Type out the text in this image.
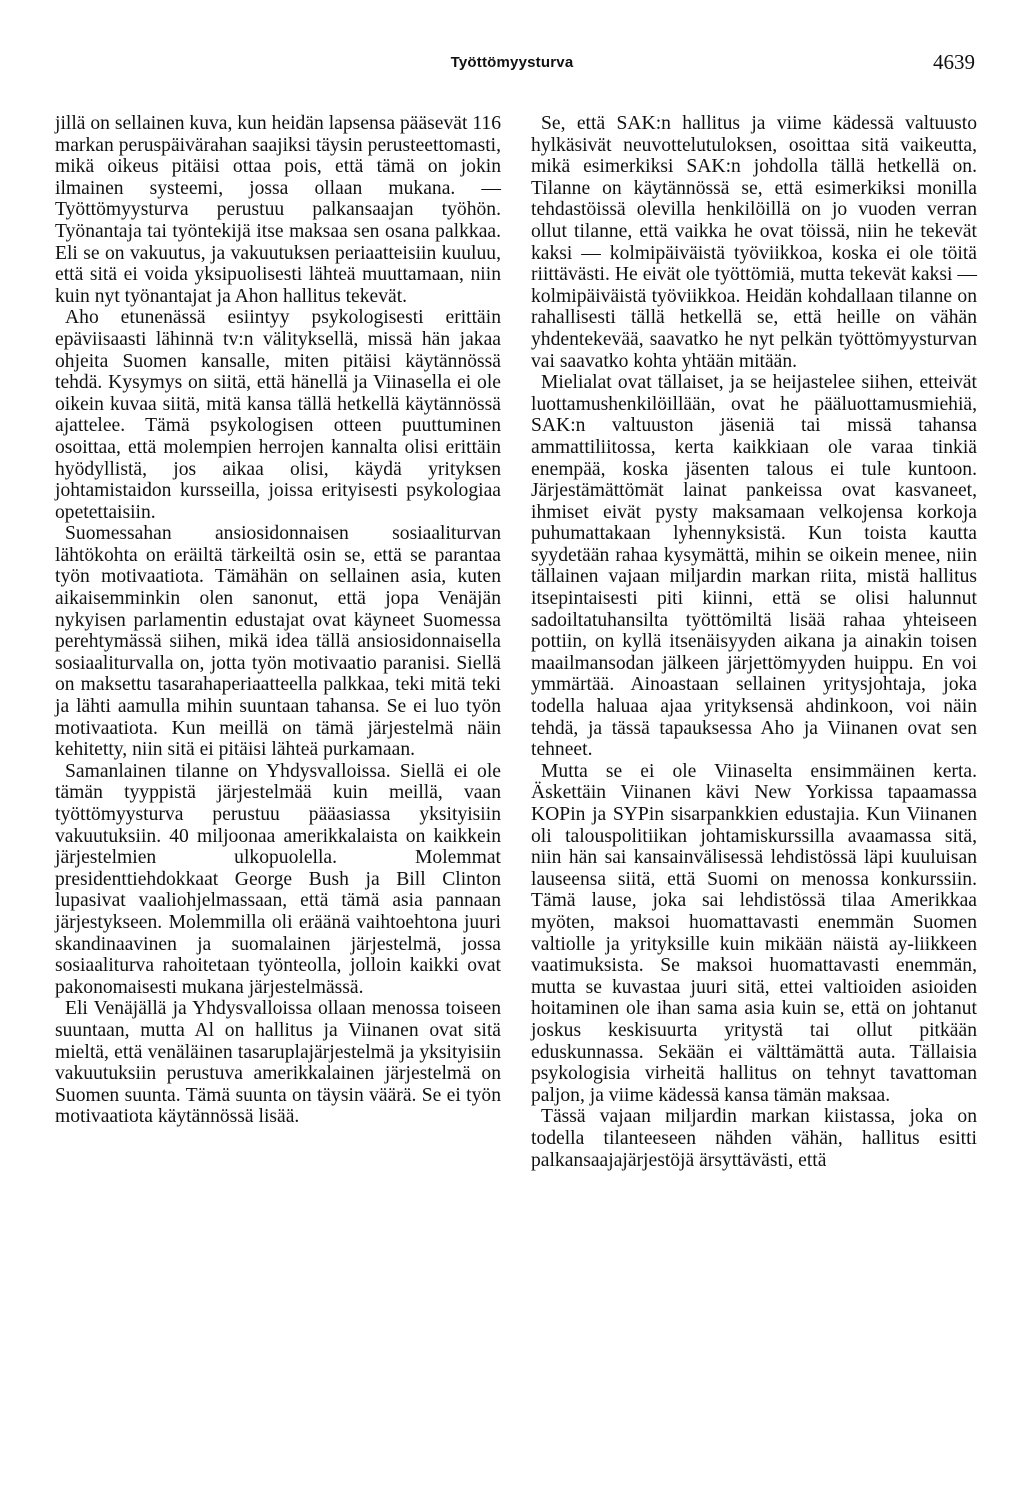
Työttömyysturva	4639

jillä on sellainen kuva, kun heidän lapsensa pääsevät 116 markan peruspäivärahan saajiksi täysin perusteettomasti, mikä oikeus pitäisi ottaa pois, että tämä on jokin ilmainen systeemi, jossa ollaan mukana. — Työttömyysturva perustuu palkansaajan työhön. Työnantaja tai työntekijä itse maksaa sen osana palkkaa. Eli se on vakuutus, ja vakuutuksen periaatteisiin kuuluu, että sitä ei voida yksipuolisesti lähteä muuttamaan, niin kuin nyt työnantajat ja Ahon hallitus tekevät.

Aho etunenässä esiintyy psykologisesti erittäin epäviisaasti lähinnä tv:n välityksellä, missä hän jakaa ohjeita Suomen kansalle, miten pitäisi käytännössä tehdä. Kysymys on siitä, että hänellä ja Viinasella ei ole oikein kuvaa siitä, mitä kansa tällä hetkellä käytännössä ajattelee. Tämä psykologisen otteen puuttuminen osoittaa, että molempien herrojen kannalta olisi erittäin hyödyllistä, jos aikaa olisi, käydä yrityksen johtamistaidon kursseilla, joissa erityisesti psykologiaa opetettaisiin.

Suomessahan ansiosidonnaisen sosiaaliturvan lähtökohta on eräiltä tärkeiltä osin se, että se parantaa työn motivaatiota. Tämähän on sellainen asia, kuten aikaisemminkin olen sanonut, että jopa Venäjän nykyisen parlamentin edustajat ovat käyneet Suomessa perehtymässä siihen, mikä idea tällä ansiosidonnaisella sosiaaliturvalla on, jotta työn motivaatio paranisi. Siellä on maksettu tasarahaperiaatteella palkkaa, teki mitä teki ja lähti aamulla mihin suuntaan tahansa. Se ei luo työn motivaatiota. Kun meillä on tämä järjestelmä näin kehitetty, niin sitä ei pitäisi lähteä purkamaan.

Samanlainen tilanne on Yhdysvalloissa. Siellä ei ole tämän tyyppistä järjestelmää kuin meillä, vaan työttömyysturva perustuu pääasiassa yksityisiin vakuutuksiin. 40 miljoonaa amerikkalaista on kaikkein järjestelmien ulkopuolella. Molemmat presidenttiehdokkaat George Bush ja Bill Clinton lupasivat vaaliohjelmassaan, että tämä asia pannaan järjestykseen. Molemmilla oli eräänä vaihtoehtona juuri skandinaavinen ja suomalainen järjestelmä, jossa sosiaaliturva rahoitetaan työnteolla, jolloin kaikki ovat pakonomaisesti mukana järjestelmässä.

Eli Venäjällä ja Yhdysvalloissa ollaan menossa toiseen suuntaan, mutta Al on hallitus ja Viinanen ovat sitä mieltä, että venäläinen tasaruplajärjestelmä ja yksityisiin vakuutuksiin perustuva amerikkalainen järjestelmä on Suomen suunta. Tämä suunta on täysin väärä. Se ei työn motivaatiota käytännössä lisää.

Se, että SAK:n hallitus ja viime kädessä valtuusto hylkäsivät neuvottelutuloksen, osoittaa sitä vaikeutta, mikä esimerkiksi SAK:n johdolla tällä hetkellä on. Tilanne on käytännössä se, että esimerkiksi monilla tehdastöissä olevilla henkilöillä on jo vuoden verran ollut tilanne, että vaikka he ovat töissä, niin he tekevät kaksi — kolmipäiväistä työviikkoa, koska ei ole töitä riittävästi. He eivät ole työttömiä, mutta tekevät kaksi — kolmipäiväistä työviikkoa. Heidän kohdallaan tilanne on rahallisesti tällä hetkellä se, että heille on vähän yhdentekevää, saavatko he nyt pelkän työttömyysturvan vai saavatko kohta yhtään mitään.

Mielialat ovat tällaiset, ja se heijastelee siihen, etteivät luottamushenkilöillään, ovat he pääluottamusmiehiä, SAK:n valtuuston jäseniä tai missä tahansa ammattiliitossa, kerta kaikkiaan ole varaa tinkiä enempää, koska jäsenten talous ei tule kuntoon. Järjestämättömät lainat pankeissa ovat kasvaneet, ihmiset eivät pysty maksamaan velkojensa korkoja puhumattakaan lyhennyksistä. Kun toista kautta syydetään rahaa kysymättä, mihin se oikein menee, niin tällainen vajaan miljardin markan riita, mistä hallitus itsepintaisesti piti kiinni, että se olisi halunnut sadoiltatuhansilta työttömiltä lisää rahaa yhteiseen pottiin, on kyllä itsenäisyyden aikana ja ainakin toisen maailmansodan jälkeen järjettömyyden huippu. En voi ymmärtää. Ainoastaan sellainen yritysjohtaja, joka todella haluaa ajaa yrityksensä ahdinkoon, voi näin tehdä, ja tässä tapauksessa Aho ja Viinanen ovat sen tehneet.

Mutta se ei ole Viinaselta ensimmäinen kerta. Äskettäin Viinanen kävi New Yorkissa tapaamassa KOPin ja SYPin sisarpankkien edustajia. Kun Viinanen oli talouspolitiikan johtamiskurssilla avaamassa sitä, niin hän sai kansainvälisessä lehdistössä läpi kuuluisan lauseensa siitä, että Suomi on menossa konkurssiin. Tämä lause, joka sai lehdistössä tilaa Amerikkaa myöten, maksoi huomattavasti enemmän Suomen valtiolle ja yrityksille kuin mikään näistä ay-liikkeen vaatimuksista. Se maksoi huomattavasti enemmän, mutta se kuvastaa juuri sitä, ettei valtioiden asioiden hoitaminen ole ihan sama asia kuin se, että on johtanut joskus keskisuurta yritystä tai ollut pitkään eduskunnassa. Sekään ei välttämättä auta. Tällaisia psykologisia virheitä hallitus on tehnyt tavattoman paljon, ja viime kädessä kansa tämän maksaa.

Tässä vajaan miljardin markan kiistassa, joka on todella tilanteeseen nähden vähän, hallitus esitti palkansaajajärjestöjä ärsyttävästi, että
